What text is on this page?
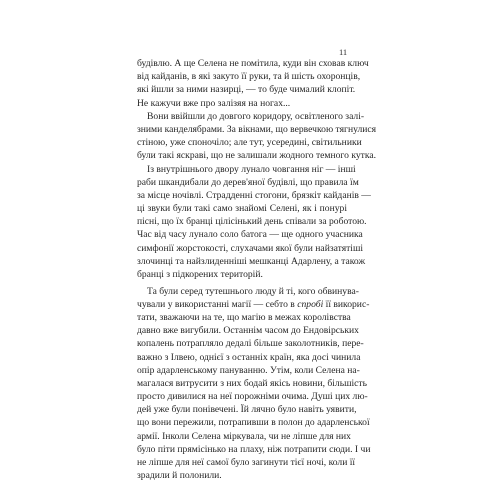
11
будівлю. А ще Селена не помітила, куди він сховав ключ
від кайданів, в які закуто її руки, та й шість охоронців,
які йшли за ними назирці, — то буде чималий клопіт.
Не кажучи вже про залізяя на ногах...
Вони ввійшли до довгого коридору, освітленого залі-
зними канделябрами. За вікнами, що вервечкою тягнулися
стіною, уже споночіло; але тут, усередині, світильники
були такі яскраві, що не залишали жодного темного кутка.
Із внутрішнього двору лунало човгання ніг — інші
раби шкандибали до дерев'яної будівлі, що правила їм
за місце ночівлі. Страдденні стогони, брязкіт кайданів —
ці звуки були такі само знайомі Селені, як і понурі
пісні, що їх бранці цілісінький день співали за роботою.
Час від часу лунало соло батога — ще одного учасника
симфонії жорстокості, слухачами якої були найзатятіші
злочинці та найзлиденніші мешканці Адарлену, а також
бранці з підкорених територій.
Та були серед тутешнього люду й ті, кого обвинува-
чували у використанні магії — себто в спробі її викорис-
тати, зважаючи на те, що магію в межах королівства
давно вже вигубили. Останнім часом до Ендовірських
копалень потрапляло дедалі більше заколотників, пере-
важно з Ілвею, однієї з останніх країн, яка досі чинила
опір адарленському пануванню. Утім, коли Селена на-
магалася витрусити з них бодай якісь новини, більшість
просто дивилися на неї порожніми очима. Душі цих лю-
дей уже були понівечені. Їй лячно було навіть уявити,
що вони пережили, потрапивши в полон до адарленської
армії. Інколи Селена міркувала, чи не ліпше для них
було піти прямісінько на плаху, ніж потрапити сюди. І чи
не ліпше для неї самої було загинути тієї ночі, коли її
зрадили й полонили.
